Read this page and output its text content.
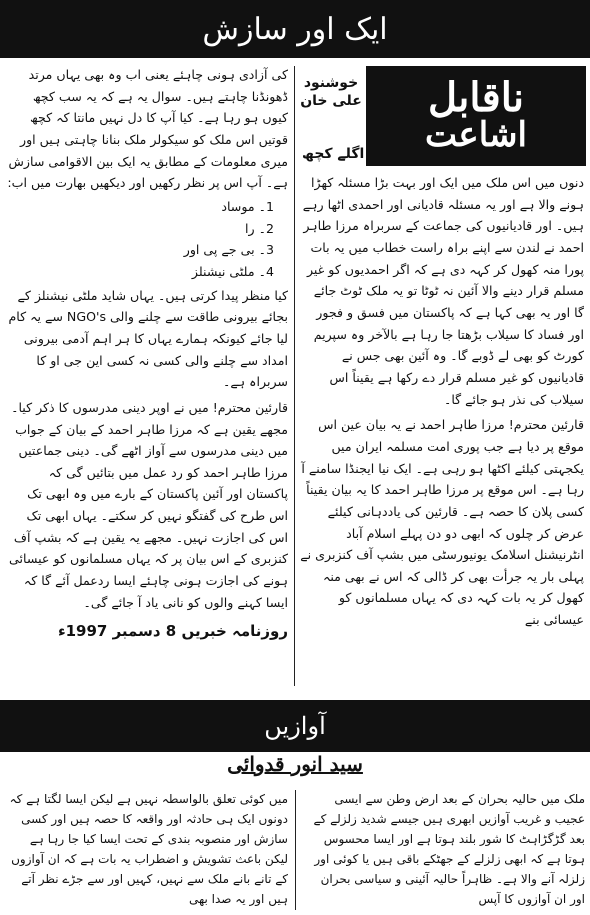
ایک اور سازش
خوشنود علی خان ناقابل
اشاعت
اگلے کچھ

دنوں میں اس ملک میں ایک اور بہت بڑا مسئلہ کھڑا ہونے والا ہے اور یہ مسئلہ قادیانی اور احمدی اٹھا رہے ہیں۔ اور قادیانیوں کی جماعت کے سربراہ مرزا طاہر احمد نے لندن سے اپنے براہ راست خطاب میں یہ بات پورا منہ کھول کر کہہ دی ہے کہ اگر احمدیوں کو غیر مسلم قرار دینے والا آئین نہ ٹوٹا تو یہ ملک ٹوٹ جائے گا اور یہ بھی کہا ہے کہ پاکستان میں فسق و فجور اور فساد کا سیلاب بڑھتا جا رہا ہے بالآخر وہ سپریم کورٹ کو بھی لے ڈوبے گا۔ وہ آئین بھی جس نے قادیانیوں کو غیر مسلم قرار دے رکھا ہے یقیناً اس سیلاب کی نذر ہو جائے گا۔

قارئین محترم! مرزا طاہر احمد نے یہ بیان عین اس موقع پر دیا ہے جب پوری امت مسلمہ ایران میں یکجہتی کیلئے اکٹھا ہو رہی ہے۔ ایک نیا ایجنڈا سامنے آ رہا ہے۔ اس موقع پر مرزا طاہر احمد کا یہ بیان یقیناً کسی پلان کا حصہ ہے۔ قارئین کی یاددہانی کیلئے عرض کر چلوں کہ ابھی دو دن پہلے اسلام آباد انٹرنیشنل اسلامک یونیورسٹی میں بشپ آف کنزبری نے پہلی بار یہ جرأت بھی کر ڈالی کہ اس نے بھی منہ کھول کر یہ بات کہہ دی کہ یہاں مسلمانوں کو عیسائی بنے

کی آزادی ہونی چاہئے یعنی اب وہ بھی یہاں مرتد ڈھونڈنا چاہتے ہیں۔ سوال یہ ہے کہ یہ سب کچھ کیوں ہو رہا ہے۔ کیا آپ کا دل نہیں مانتا کہ کچھ قوتیں اس ملک کو سیکولر ملک بنانا چاہتی ہیں اور میری معلومات کے مطابق یہ ایک بین الاقوامی سازش ہے۔ آپ اس پر نظر رکھیں اور دیکھیں بھارت میں اب:

1۔ موساد
2۔ را
3۔ بی جے پی اور
4۔ ملٹی نیشنلز

کیا منظر پیدا کرتی ہیں۔ یہاں شاید ملٹی نیشنلز کے بجائے بیرونی طاقت سے چلنے والی NGO's سے یہ کام لیا جائے کیونکہ ہمارے یہاں کا ہر اہم آدمی بیرونی امداد سے چلنے والی کسی نہ کسی این جی او کا سربراہ ہے۔

قارئین محترم! میں نے اوپر دینی مدرسوں کا ذکر کیا۔ مجھے یقین ہے کہ مرزا طاہر احمد کے بیان کے جواب میں دینی مدرسوں سے آواز اٹھے گی۔ دینی جماعتیں مرزا طاہر احمد کو رد عمل میں بتائیں گی کہ پاکستان اور آئین پاکستان کے بارے میں وہ ابھی تک اس طرح کی گفتگو نہیں کر سکتے۔ یہاں ابھی تک اس کی اجازت نہیں۔ مجھے یہ یقین ہے کہ بشپ آف کنزبری کے اس بیان پر کہ یہاں مسلمانوں کو عیسائی ہونے کی اجازت ہونی چاہئے ایسا ردعمل آئے گا کہ ایسا کہنے والوں کو نانی یاد آ جائے گی۔

روزنامہ خبریں 8 دسمبر 1997ء
آوازیں
سید انور قدوائی

ملک میں حالیہ بحران کے بعد ارض وطن سے ایسی عجیب و غریب آوازیں ابھری ہیں جیسے شدید زلزلے کے بعد گڑگڑاہٹ کا شور بلند ہوتا ہے اور ایسا محسوس ہوتا ہے کہ ابھی زلزلے کے جھٹکے باقی ہیں یا کوئی اور زلزلہ آنے والا ہے۔ ظاہراً حالیہ آئینی و سیاسی بحران اور ان آوازوں کا آپس

میں کوئی تعلق بالواسطہ نہیں ہے لیکن ایسا لگتا ہے کہ دونوں ایک ہی حادثہ اور واقعہ کا حصہ ہیں اور کسی سازش اور منصوبہ بندی کے تحت ایسا کیا جا رہا ہے لیکن باعث تشویش و اضطراب یہ بات ہے کہ ان آوازوں کے تانے بانے ملک سے نہیں، کہیں اور سے جڑے نظر آتے ہیں اور یہ صدا بھی
